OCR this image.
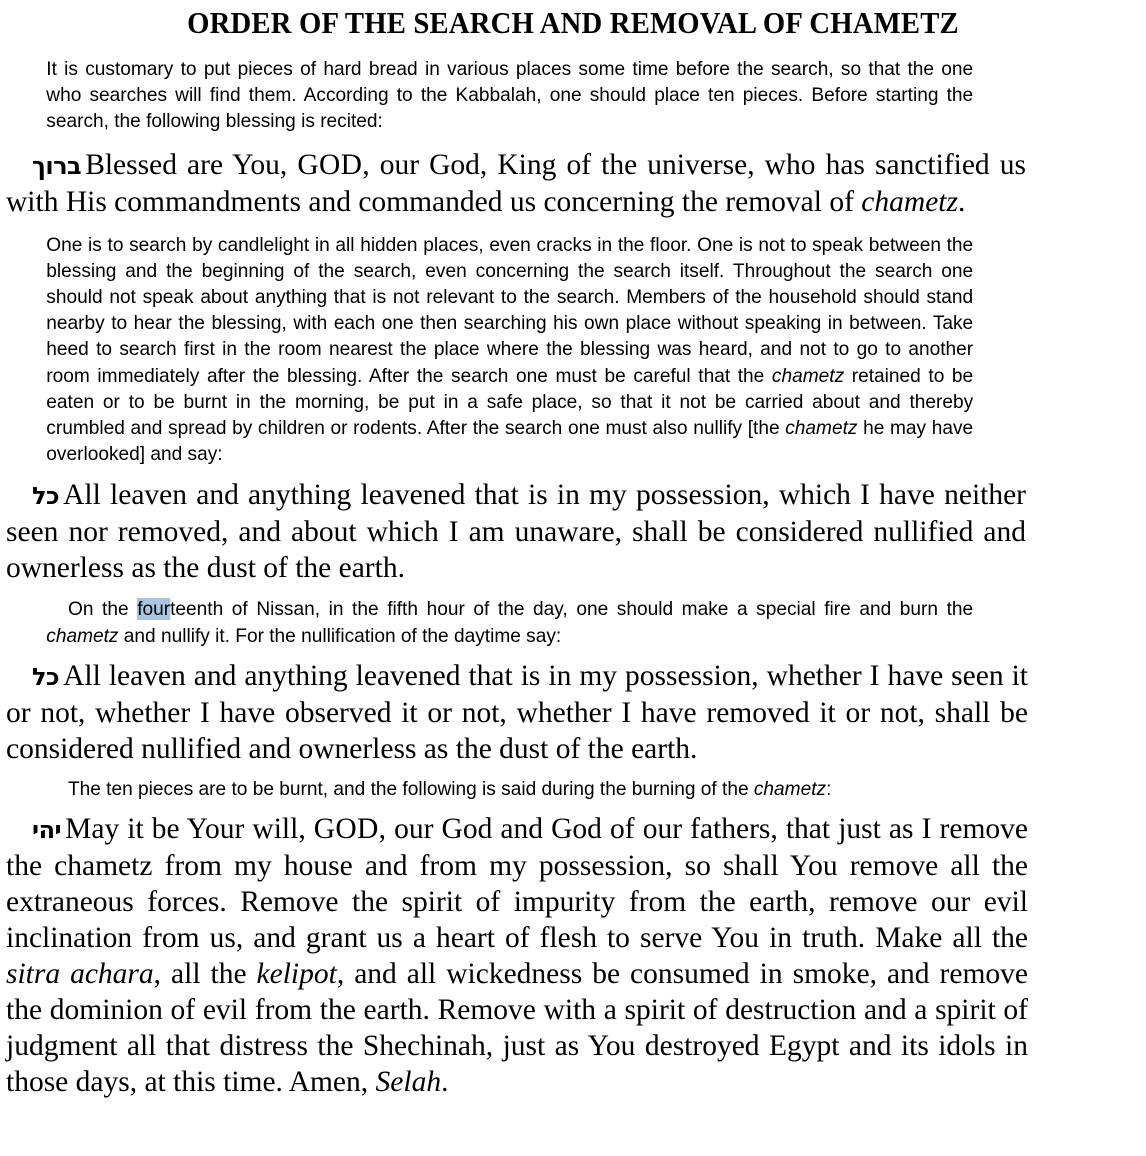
ORDER OF THE SEARCH AND REMOVAL OF CHAMETZ

It is customary to put pieces of hard bread in various places some time before the search, so that the one who searches will find them. According to the Kabbalah, one should place ten pieces. Before starting the search, the following blessing is recited:

ברוך Blessed are You, GOD, our God, King of the universe, who has sanctified us with His commandments and commanded us concerning the removal of chametz.

One is to search by candlelight in all hidden places, even cracks in the floor. One is not to speak between the blessing and the beginning of the search, even concerning the search itself. Throughout the search one should not speak about anything that is not relevant to the search. Members of the household should stand nearby to hear the blessing, with each one then searching his own place without speaking in between. Take heed to search first in the room nearest the place where the blessing was heard, and not to go to another room immediately after the blessing. After the search one must be careful that the chametz retained to be eaten or to be burnt in the morning, be put in a safe place, so that it not be carried about and thereby crumbled and spread by children or rodents. After the search one must also nullify [the chametz he may have overlooked] and say:

כל All leaven and anything leavened that is in my possession, which I have neither seen nor removed, and about which I am unaware, shall be considered nullified and ownerless as the dust of the earth.

On the fourteenth of Nissan, in the fifth hour of the day, one should make a special fire and burn the chametz and nullify it. For the nullification of the daytime say:

כל All leaven and anything leavened that is in my possession, whether I have seen it or not, whether I have observed it or not, whether I have removed it or not, shall be considered nullified and ownerless as the dust of the earth.

The ten pieces are to be burnt, and the following is said during the burning of the chametz:

יהי May it be Your will, GOD, our God and God of our fathers, that just as I remove the chametz from my house and from my possession, so shall You remove all the extraneous forces. Remove the spirit of impurity from the earth, remove our evil inclination from us, and grant us a heart of flesh to serve You in truth. Make all the sitra achara, all the kelipot, and all wickedness be consumed in smoke, and remove the dominion of evil from the earth. Remove with a spirit of destruction and a spirit of judgment all that distress the Shechinah, just as You destroyed Egypt and its idols in those days, at this time. Amen, Selah.
